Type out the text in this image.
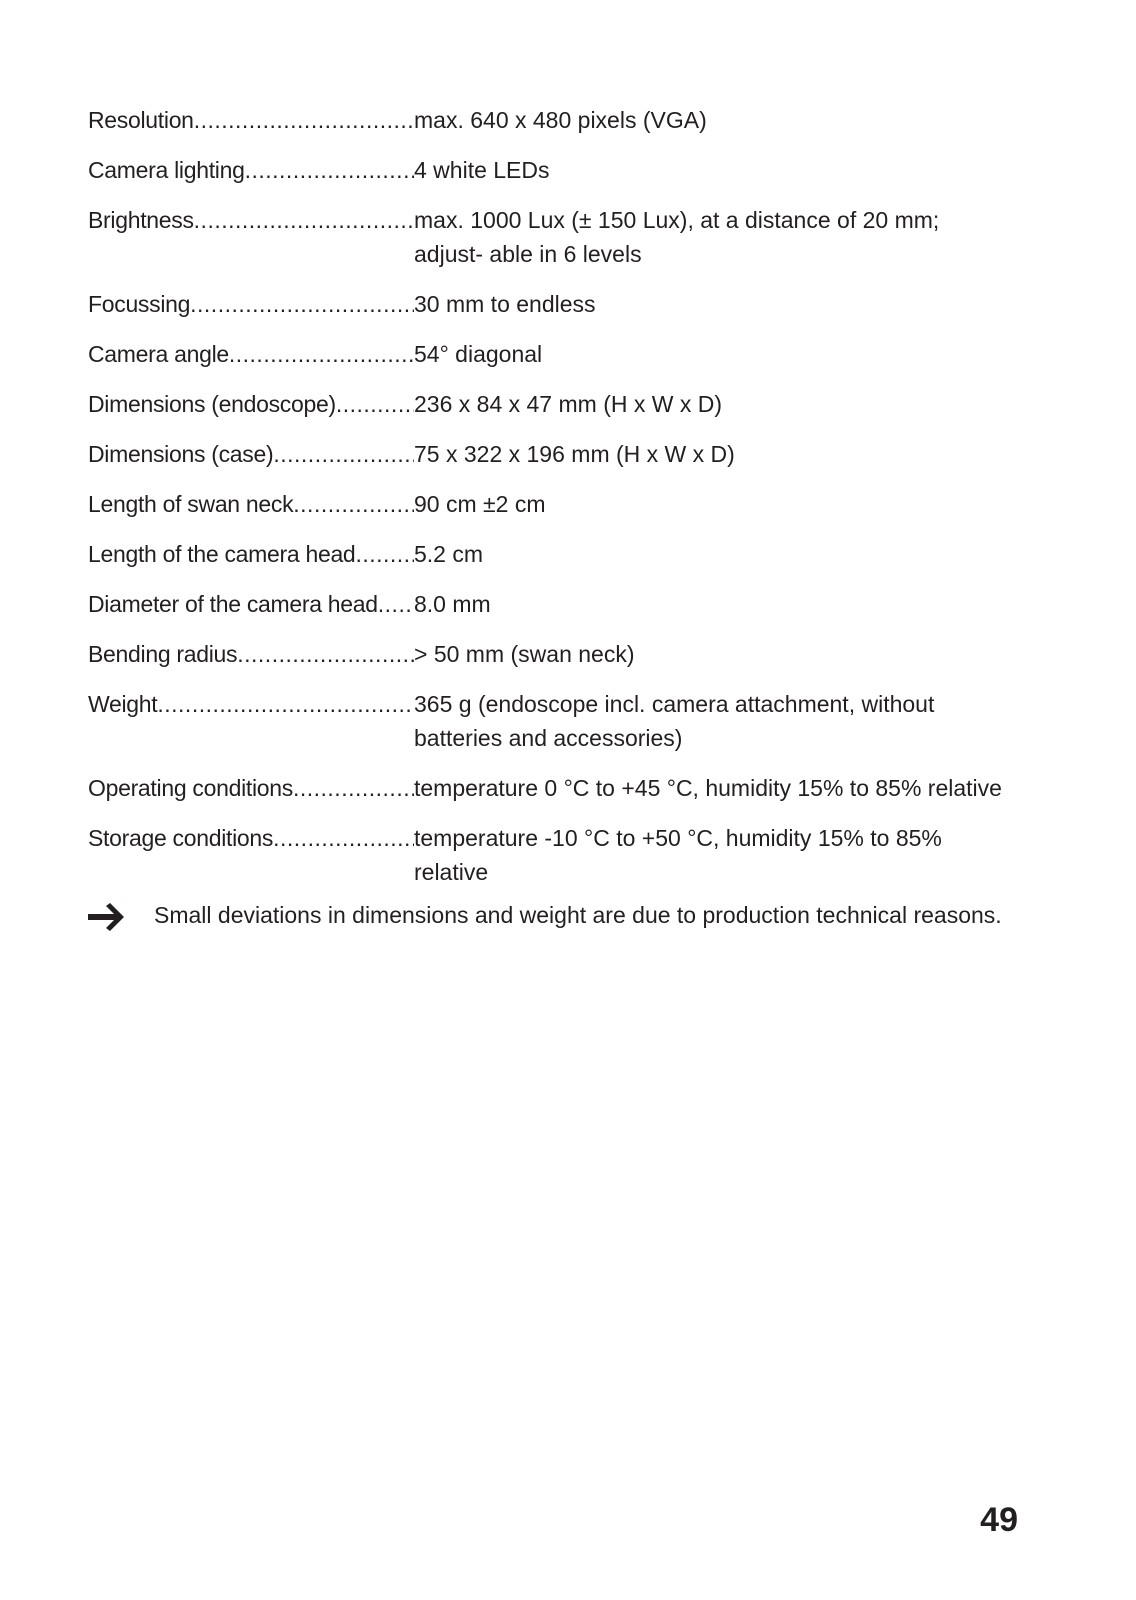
Resolution .....	max. 640 x 480 pixels (VGA)
Camera lighting .....	4 white LEDs
Brightness .....	max. 1000 Lux (± 150 Lux), at a distance of 20 mm; adjust- able in 6 levels
Focussing .....	30 mm to endless
Camera angle .....	54° diagonal
Dimensions (endoscope) .....	236 x 84 x 47 mm (H x W x D)
Dimensions (case) .....	75 x 322 x 196 mm (H x W x D)
Length of swan neck .....	90 cm ±2 cm
Length of the camera head .....	5.2 cm
Diameter of the camera head ..... 8.0 mm
Bending radius .....	> 50 mm (swan neck)
Weight .....	365 g (endoscope incl. camera attachment, without batteries and accessories)
Operating conditions .....	temperature 0 °C to +45 °C, humidity 15% to 85% relative
Storage conditions .....	temperature -10 °C to +50 °C, humidity 15% to 85% relative
Small deviations in dimensions and weight are due to production technical reasons.
49
